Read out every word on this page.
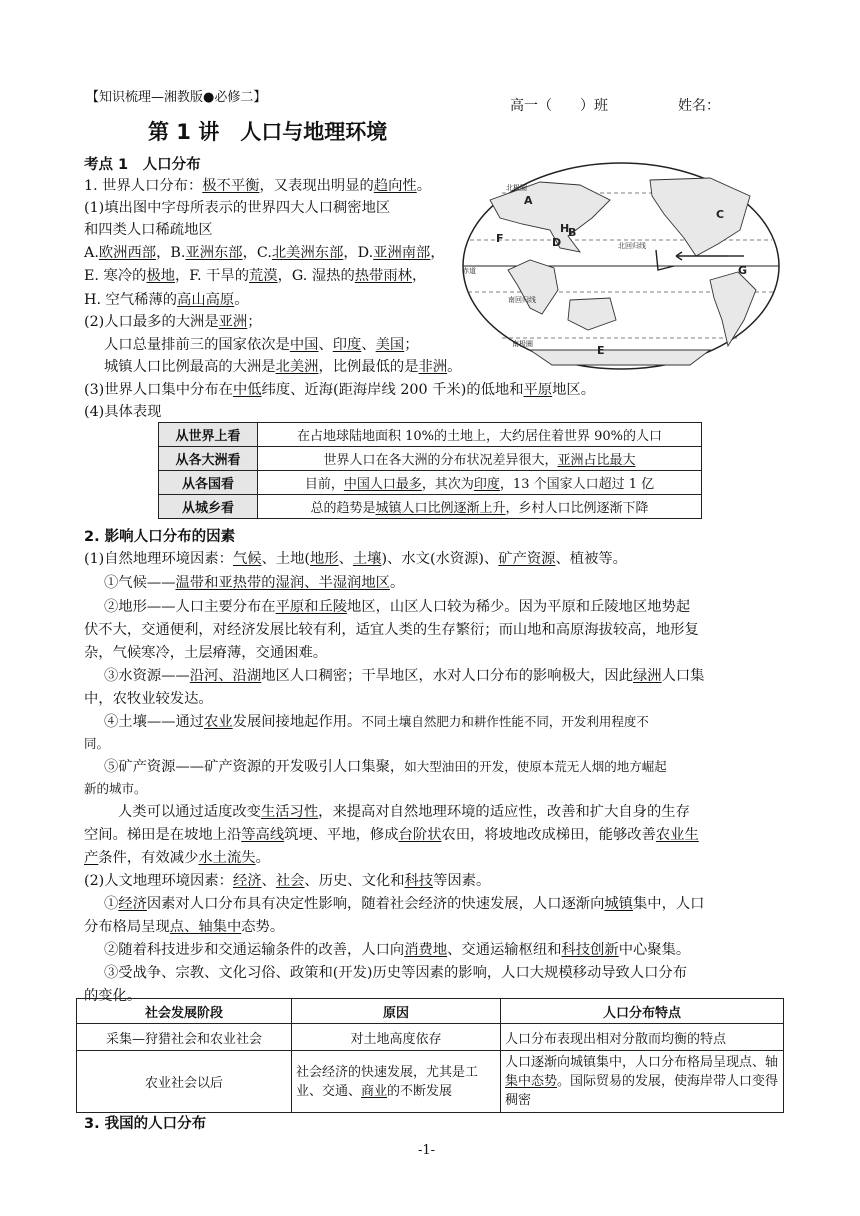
【知识梳理—湘教版●必修二】
高一（　　）班	姓名：
第 1 讲　人口与地理环境
考点 1　人口分布
1. 世界人口分布：极不平衡，又表现出明显的趋向性。
(1)填出图中字母所表示的世界四大人口稠密地区
和四类人口稀疏地区
A.欧洲西部，B.亚洲东部，C.北美洲东部，D.亚洲南部，
E. 寒冷的极地，F. 干旱的荒漠，G. 湿热的热带雨林，
H. 空气稀薄的高山高原。
(2)人口最多的大洲是亚洲；
人口总量排前三的国家依次是中国、印度、美国；
城镇人口比例最高的大洲是北美洲，比例最低的是非洲。
(3)世界人口集中分布在中低纬度、近海(距海岸线 200 千米)的低地和平原地区。
(4)具体表现
A
B
C
D
E
F
G
H
北极圈
北回归线
赤道
南回归线
南极圈
从世界上看	在占地球陆地面积 10%的土地上，大约居住着世界 90%的人口
从各大洲看	世界人口在各大洲的分布状况差异很大，亚洲占比最大
从各国看	目前，中国人口最多，其次为印度，13 个国家人口超过 1 亿
从城乡看	总的趋势是城镇人口比例逐渐上升，乡村人口比例逐渐下降
2. 影响人口分布的因素
(1)自然地理环境因素：气候、土地(地形、土壤)、水文(水资源)、矿产资源、植被等。
①气候——温带和亚热带的湿润、半湿润地区。
②地形——人口主要分布在平原和丘陵地区，山区人口较为稀少。因为平原和丘陵地区地势起
伏不大，交通便利，对经济发展比较有利，适宜人类的生存繁衍；而山地和高原海拔较高，地形复
杂，气候寒冷，土层瘠薄，交通困难。
③水资源——沿河、沿湖地区人口稠密；干旱地区，水对人口分布的影响极大，因此绿洲人口集
中，农牧业较发达。
④土壤——通过农业发展间接地起作用。不同土壤自然肥力和耕作性能不同，开发利用程度不
同。
⑤矿产资源——矿产资源的开发吸引人口集聚，如大型油田的开发，使原本荒无人烟的地方崛起
新的城市。
人类可以通过适度改变生活习性，来提高对自然地理环境的适应性，改善和扩大自身的生存
空间。梯田是在坡地上沿等高线筑埂、平地，修成台阶状农田，将坡地改成梯田，能够改善农业生
产条件，有效减少水土流失。
(2)人文地理环境因素：经济、社会、历史、文化和科技等因素。
①经济因素对人口分布具有决定性影响，随着社会经济的快速发展，人口逐渐向城镇集中，人口
分布格局呈现点、轴集中态势。
②随着科技进步和交通运输条件的改善，人口向消费地、交通运输枢纽和科技创新中心聚集。
③受战争、宗教、文化习俗、政策和(开发)历史等因素的影响，人口大规模移动导致人口分布
的变化。
社会发展阶段	原因	人口分布特点
采集—狩猎社会和农业社会	对土地高度依存	人口分布表现出相对分散而均衡的特点
农业社会以后	社会经济的快速发展，尤其是工业、交通、商业的不断发展	人口逐渐向城镇集中，人口分布格局呈现点、轴集中态势。国际贸易的发展，使海岸带人口变得稠密
3. 我国的人口分布
-1-
